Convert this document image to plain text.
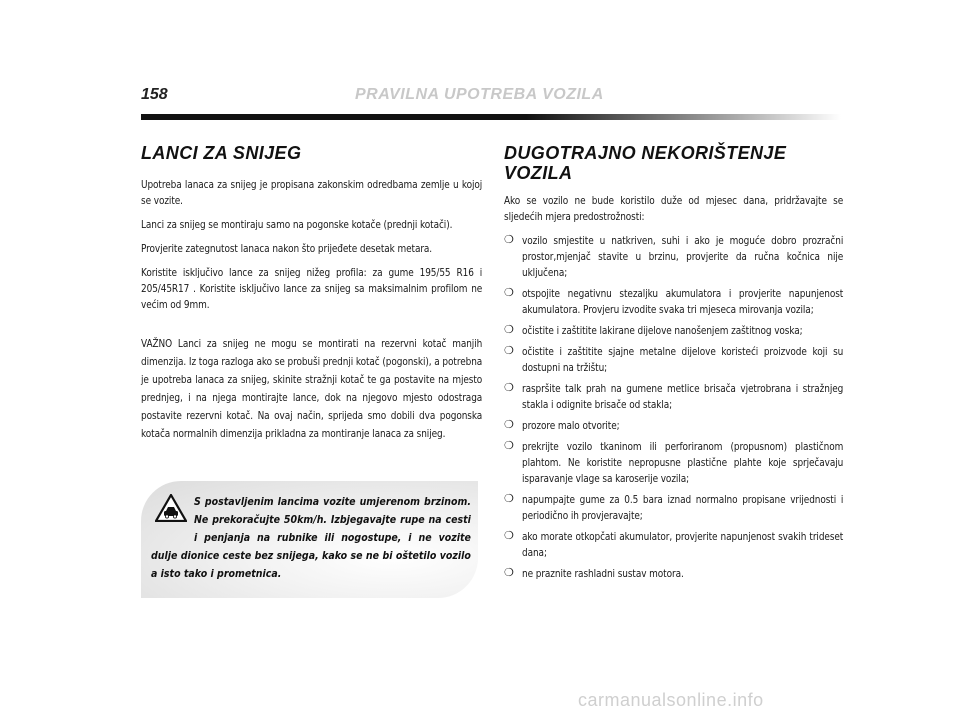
158	PRAVILNA UPOTREBA VOZILA
LANCI ZA SNIJEG

Upotreba lanaca za snijeg je propisana zakonskim odredbama zemlje u kojoj se vozite.

Lanci za snijeg se montiraju samo na pogonske kotače (prednji kotači).

Provjerite zategnutost lanaca nakon što prijeđete desetak metara.

Koristite isključivo lance za snijeg nižeg profila: za gume 195/55 R16 i 205/45R17 . Koristite isključivo lance za snijeg sa maksimalnim profilom ne većim od 9mm.

VAŽNO Lanci za snijeg ne mogu se montirati na rezervni kotač manjih dimenzija. Iz toga razloga ako se probuši prednji kotač (pogonski), a potrebna je upotreba lanaca za snijeg, skinite stražnji kotač te ga postavite na mjesto prednjeg, i na njega montirajte lance, dok na njegovo mjesto odostraga postavite rezervni kotač. Na ovaj način, sprijeda smo dobili dva pogonska kotača normalnih dimenzija prikladna za montiranje lanaca za snijeg.

S postavljenim lancima vozite umjerenom brzinom. Ne prekoračujte 50km/h. Izbjegavajte rupe na cesti i penjanja na rubnike ili nogostupe, i ne vozite dulje dionice ceste bez snijega, kako se ne bi oštetilo vozilo a isto tako i prometnica.
DUGOTRAJNO NEKORIŠTENJE VOZILA

Ako se vozilo ne bude koristilo duže od mjesec dana, pridržavajte se sljedećih mjera predostrožnosti:

❍ vozilo smjestite u natkriven, suhi i ako je moguće dobro prozračni prostor,mjenjač stavite u brzinu, provjerite da ručna kočnica nije uključena;

❍ otspojite negativnu stezaljku akumulatora i provjerite napunjenost akumulatora. Provjeru izvodite svaka tri mjeseca mirovanja vozila;

❍ očistite i zaštitite lakirane dijelove nanošenjem zaštitnog voska;

❍ očistite i zaštitite sjajne metalne dijelove koristeći proizvode koji su dostupni na tržištu;

❍ raspršite talk prah na gumene metlice brisača vjetrobrana i stražnjeg stakla i odignite brisače od stakla;

❍ prozore malo otvorite;

❍ prekrijte vozilo tkaninom ili perforiranom (propusnom) plastičnom plahtom. Ne koristite nepropusne plastične plahte koje sprječavaju isparavanje vlage sa karoserije vozila;

❍ napumpajte gume za 0.5 bara iznad normalno propisane vrijednosti i periodično ih provjeravajte;

❍ ako morate otkopčati akumulator, provjerite napunjenost svakih trideset dana;

❍ ne praznite rashladni sustav motora.

carmanualsonline.info
